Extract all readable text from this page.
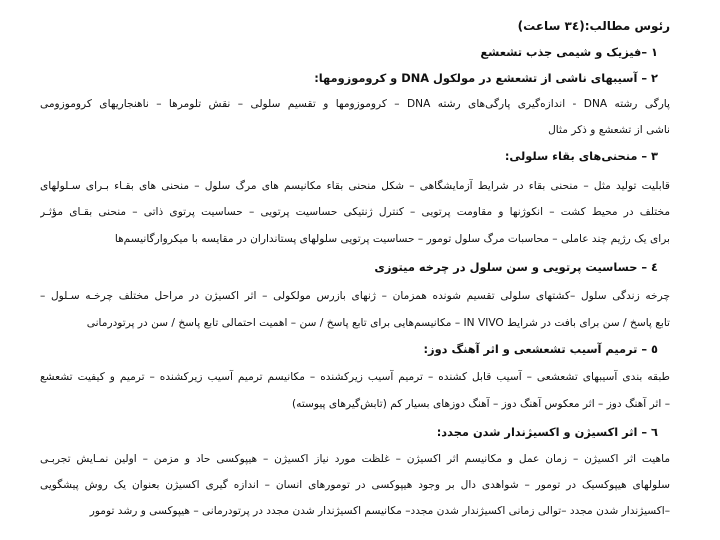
رئوس مطالب:(٣٤ ساعت)
١ –فیزیک و شیمی جذب تشعشع
٢ – آسیبهای ناشی از تشعشع در مولکول DNA و کروموزومها:
پارگی رشته DNA - اندازه‌گیری پارگی‌های رشته DNA – کروموزومها و تقسیم سلولی – نقش تلومرها – ناهنجاریهای کروموزومی
ناشی از تشعشع و ذکر مثال
٣ – منحنی‌های بقاء سلولی:
قابلیت تولید مثل – منحنی بقاء در شرایط آزمایشگاهی – شکل منحنی بقاء مکانیسم های مرگ سلول – منحنی های بقـاء بـرای سـلولهای
مختلف در محیط کشت – انکوژنها و مقاومت پرتویی – کنترل ژنتیکی حساسیت پرتویی – حساسیت پرتوی ذاتی – منحنی بقـای مؤثـر
برای یک رژیم چند عاملی – محاسبات مرگ سلول تومور – حساسیت پرتویی سلولهای پستانداران در مقایسه با میکروارگانیسم‌ها
٤ – حساسیت پرتویی و سن سلول در چرخه میتوزی
چرخه زندگی سلول –کشتهای سلولی تقسیم شونده همزمان – ژنهای بازرس مولکولی – اثر اکسیژن در مراحل مختلف چرخـه سـلول –
تابع پاسخ / سن برای بافت در شرایط IN VIVO – مکانیسم‌هایی برای تابع پاسخ / سن – اهمیت احتمالی تابع پاسخ / سن در پرتودرمانی
٥ – ترمیم آسیب تشعشعی و اثر آهنگ دوز:
طبقه بندی آسیبهای تشعشعی – آسیب قابل کشنده – ترمیم آسیب زیرکشنده – مکانیسم ترمیم آسیب زیرکشنده – ترمیم و کیفیت تشعشع
– اثر آهنگ دوز – اثر معکوس آهنگ دوز – آهنگ دوزهای بسیار کم (تابش‌گیرهای پیوسته)
٦ – اثر اکسیژن و اکسیژندار شدن مجدد:
ماهیت اثر اکسیژن – زمان عمل و مکانیسم اثر اکسیژن – غلظت مورد نیاز اکسیژن – هیپوکسی حاد و مزمن – اولین نمـایش تجربـی
سلولهای هیپوکسیک در تومور – شواهدی دال بر وجود هیپوکسی در تومورهای انسان – اندازه گیری اکسیژن بعنوان یک روش پیشگویی
–اکسیژندار شدن مجدد –توالی زمانی اکسیژندار شدن مجدد– مکانیسم اکسیژندار شدن مجدد در پرتودرمانی – هیپوکسی و رشد تومور
